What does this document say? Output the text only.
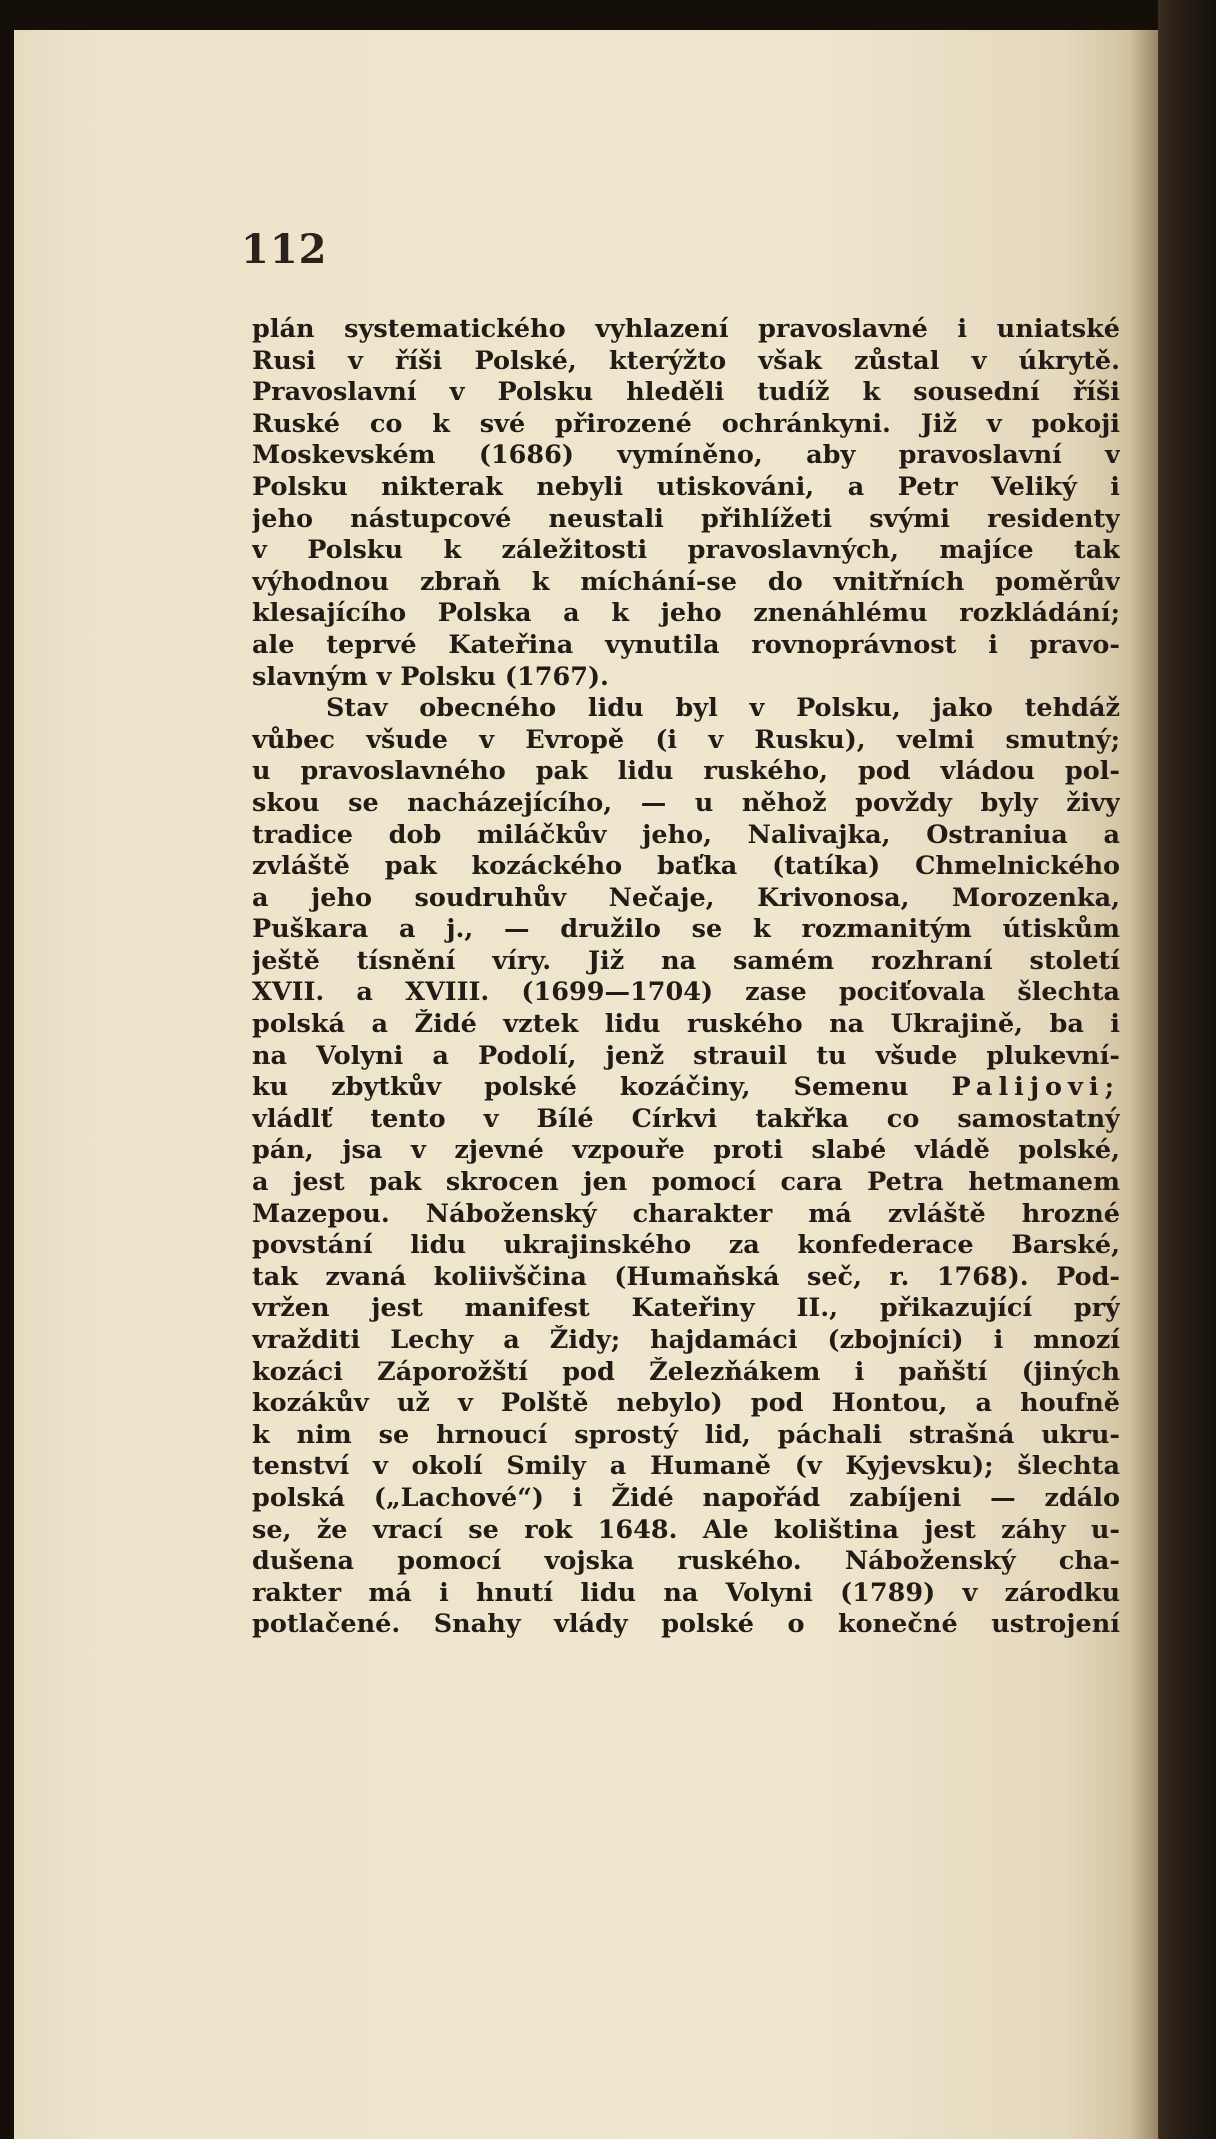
112
plán systematického vyhlazení pravoslavné i uniatské
Rusi v říši Polské, kterýžto však zůstal v úkrytě.
Pravoslavní v Polsku hleděli tudíž k sousední říši
Ruské co k své přirozené ochránkyni. Již v pokoji
Moskevském (1686) vymíněno, aby pravoslavní v
Polsku nikterak nebyli utiskováni, a Petr Veliký i
jeho nástupcové neustali přihlížeti svými residenty
v Polsku k záležitosti pravoslavných, majíce tak
výhodnou zbraň k míchání-se do vnitřních poměrův
klesajícího Polska a k jeho znenáhlému rozkládání;
ale teprvé Kateřina vynutila rovnoprávnost i pravo-
slavným v Polsku (1767).
Stav obecného lidu byl v Polsku, jako tehdáž
vůbec všude v Evropě (i v Rusku), velmi smutný;
u pravoslavného pak lidu ruského, pod vládou pol-
skou se nacházejícího, — u něhož povždy byly živy
tradice dob miláčkův jeho, Nalivajka, Ostraniua a
zvláště pak kozáckého baťka (tatíka) Chmelnického
a jeho soudruhův Nečaje, Krivonosa, Morozenka,
Puškara a j., — družilo se k rozmanitým útiskům
ještě tísnění víry. Již na samém rozhraní století
XVII. a XVIII. (1699—1704) zase pociťovala šlechta
polská a Židé vztek lidu ruského na Ukrajině, ba i
na Volyni a Podolí, jenž strauil tu všude plukevní-
ku zbytkův polské kozáčiny, Semenu Palijovi;
vládlť tento v Bílé Církvi takřka co samostatný
pán, jsa v zjevné vzpouře proti slabé vládě polské,
a jest pak skrocen jen pomocí cara Petra hetmanem
Mazepou. Náboženský charakter má zvláště hrozné
povstání lidu ukrajinského za konfederace Barské,
tak zvaná koliivščina (Humaňská seč, r. 1768). Pod-
vržen jest manifest Kateřiny II., přikazující prý
vražditi Lechy a Židy; hajdamáci (zbojníci) i mnozí
kozáci Záporožští pod Železňákem i paňští (jiných
kozákův už v Polště nebylo) pod Hontou, a houfně
k nim se hrnoucí sprostý lid, páchali strašná ukru-
tenství v okolí Smily a Humaně (v Kyjevsku); šlechta
polská („Lachové“) i Židé napořád zabíjeni — zdálo
se, že vrací se rok 1648. Ale koliština jest záhy u-
dušena pomocí vojska ruského. Náboženský cha-
rakter má i hnutí lidu na Volyni (1789) v zárodku
potlačené. Snahy vlády polské o konečné ustrojení
